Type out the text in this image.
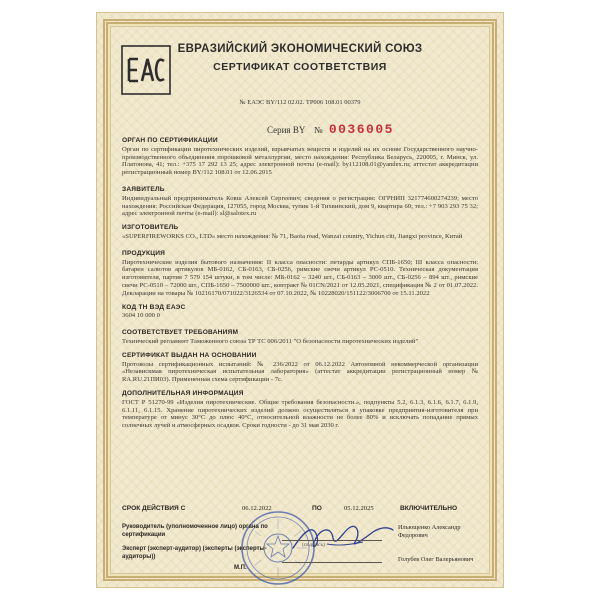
ЕВРАЗИЙСКИЙ ЭКОНОМИЧЕСКИЙ СОЮЗ
СЕРТИФИКАТ СООТВЕТСТВИЯ
№ ЕАЭС BY/112 02.02. ТР006 108.01 00379
Серия BY № 0036005
ОРГАН ПО СЕРТИФИКАЦИИ
Орган по сертификации пиротехнических изделий, взрывчатых веществ и изделий на их основе Государственного научно-производственного объединения порошковой металлургии, место нахождения: Республика Беларусь, 220005, г. Минск, ул. Платонова, 41; тел.: +375 17 292 13 25; адрес электронной почты (e-mail): by112108.01@yandex.ru; аттестат аккредитации регистрационный номер BY/112 108.01 от 12.06.2015
ЗАЯВИТЕЛЬ
Индивидуальный предприниматель Ковш Алексей Сергеевич; сведения о регистрации: ОГРНИП 321774600274239; место нахождения: Российская Федерация, 127055, город Москва, тупик 1-й Тихвинский, дом 9, квартира 60; тел.: +7 903 293 75 32; адрес электронной почты (e-mail): sl@salotex.ru
ИЗГОТОВИТЕЛЬ
«SUPERFIREWORKS CO., LTD» место нахождения: № 71, Baota road, Wanzai country, Yichun citi, Jiangxi province, Китай
ПРОДУКЦИЯ
Пиротехнические изделия бытового назначения: II класса опасности: петарды артикул СПБ-1650; III класса опасности: батареи салютов артикулов МБ-0162, СБ-0163, СБ-0256, римские свечи артикул РС-0510. Техническая документация изготовителя, партия 7 579 154 штуки, в том числе: МБ-0162 – 3240 шт., СБ-0163 – 3000 шт., СБ-0256 – 894 шт., римские свечи РС-0510 – 72000 шт., СПБ-1650 – 7500000 шт., контракт № 01CN/2021 от 12.05.2021, спецификация № 2 от 01.07.2022. Декларации на товары № 10216170/071022/3126534 от 07.10.2022, № 10228020/151122/3006700 от 15.11.2022
КОД ТН ВЭД ЕАЭС
3604 10 000 0
СООТВЕТСТВУЕТ ТРЕБОВАНИЯМ
Технический регламент Таможенного союза ТР ТС 006/2011 "О безопасности пиротехнических изделий"
СЕРТИФИКАТ ВЫДАН НА ОСНОВАНИИ
Протоколы сертификационных испытаний: № 236/2022 от 06.12.2022 Автономной некоммерческой организации «Независимая пиротехническая испытательная лаборатория» (аттестат аккредитации регистрационный номер № RA.RU.21ПИ03). Примененная схема сертификации - 7с.
ДОПОЛНИТЕЛЬНАЯ ИНФОРМАЦИЯ
ГОСТ Р 51270-99 «Изделия пиротехнические. Общие требования безопасности.», подпункты 5.2, 6.1.3, 6.1.6, 6.1.7, 6.1.9, 6.1.11, 6.1.15. Хранение пиротехнических изделий должно осуществляться в упаковке предприятия-изготовителя при температуре от минус 30°С до плюс 40°С, относительной влажности не более 80% и исключать попадание прямых солнечных лучей и атмосферных осадков. Сроки годности - до 31 мая 2030 г.
СРОК ДЕЙСТВИЯ С	06.12.2022	ПО	05.12.2025	ВКЛЮЧИТЕЛЬНО
Руководитель (уполномоченное лицо) органа по сертификации
(подпись)
Ильющенко Александр Федорович
Эксперт (эксперт-аудитор) (эксперты (эксперты-аудиторы))	Голубев Олег Валерьянович
М.П.
